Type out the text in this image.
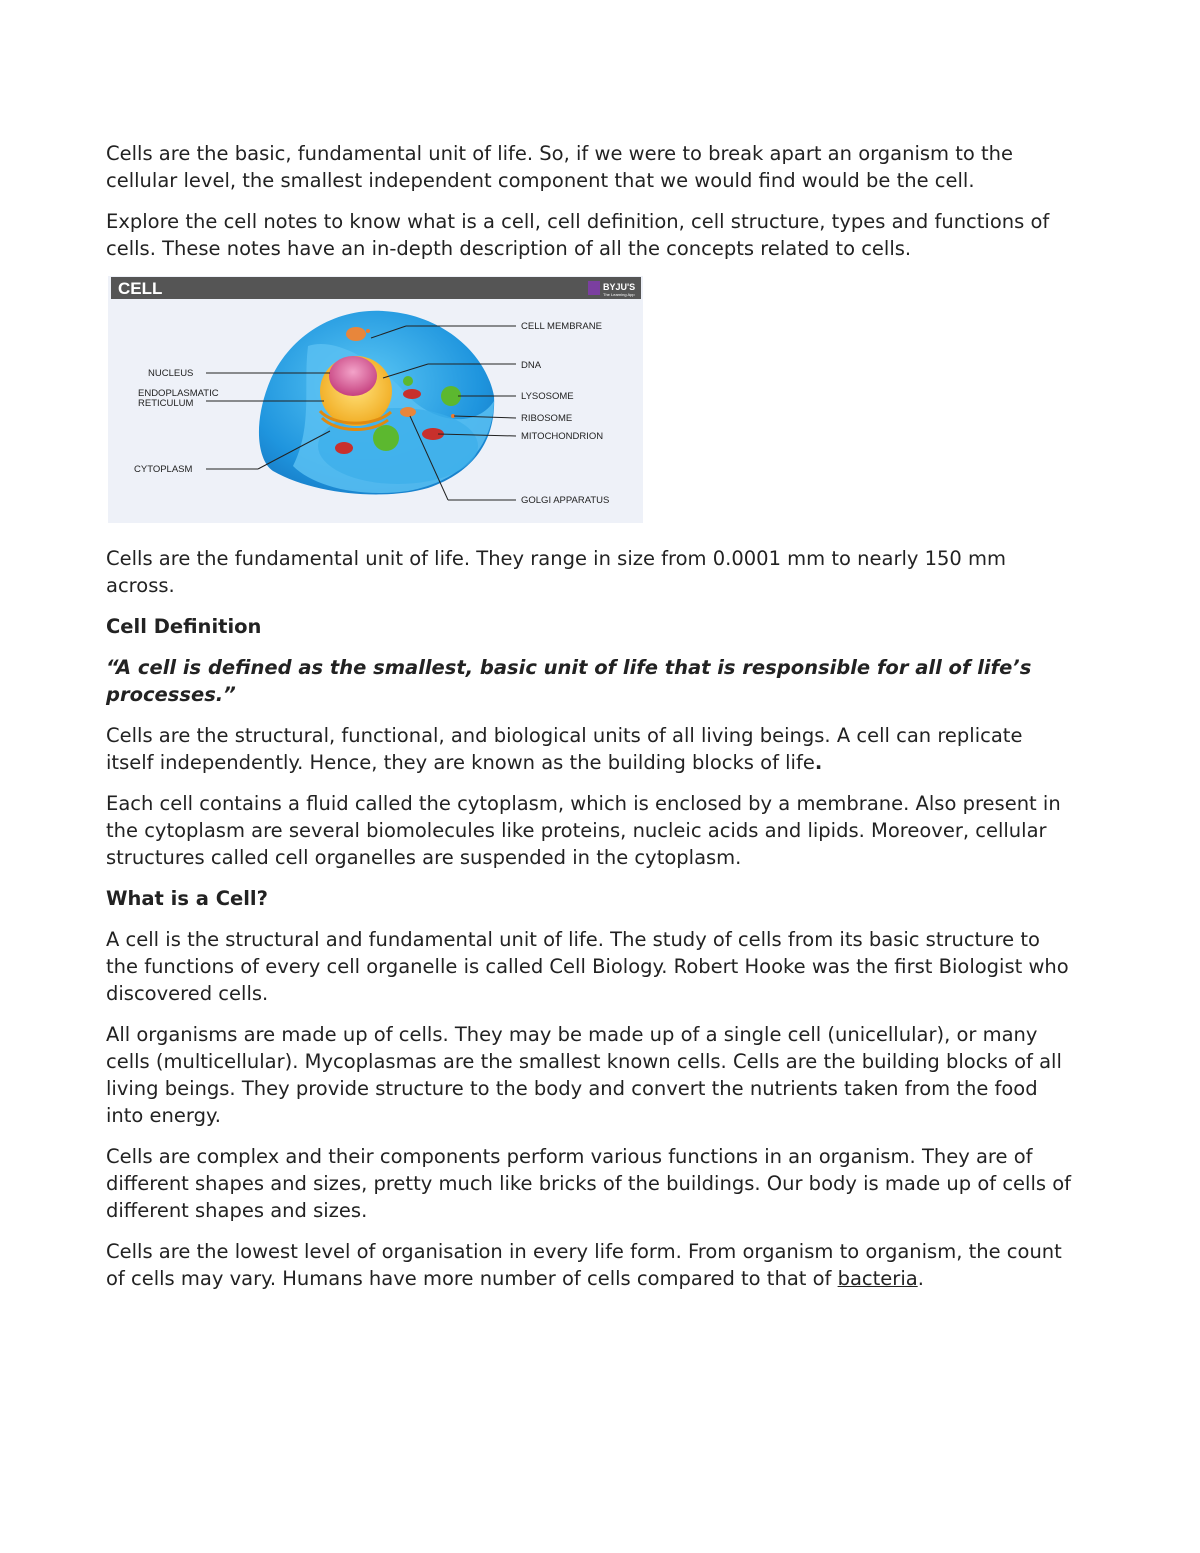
Cells are the basic, fundamental unit of life. So, if we were to break apart an organism to the cellular level, the smallest independent component that we would find would be the cell.

Explore the cell notes to know what is a cell, cell definition, cell structure, types and functions of cells. These notes have an in-depth description of all the concepts related to cells.

CELL	BYJU'S
The Learning App
CELL MEMBRANE
DNA
LYSOSOME
RIBOSOME
MITOCHONDRION
GOLGI APPARATUS
NUCLEUS
ENDOPLASMATIC
RETICULUM
CYTOPLASM

Cells are the fundamental unit of life. They range in size from 0.0001 mm to nearly 150 mm across.

Cell Definition

“A cell is defined as the smallest, basic unit of life that is responsible for all of life’s processes.”

Cells are the structural, functional, and biological units of all living beings. A cell can replicate itself independently. Hence, they are known as the building blocks of life.

Each cell contains a fluid called the cytoplasm, which is enclosed by a membrane. Also present in the cytoplasm are several biomolecules like proteins, nucleic acids and lipids. Moreover, cellular structures called cell organelles are suspended in the cytoplasm.

What is a Cell?

A cell is the structural and fundamental unit of life. The study of cells from its basic structure to the functions of every cell organelle is called Cell Biology. Robert Hooke was the first Biologist who discovered cells.

All organisms are made up of cells. They may be made up of a single cell (unicellular), or many cells (multicellular). Mycoplasmas are the smallest known cells. Cells are the building blocks of all living beings. They provide structure to the body and convert the nutrients taken from the food into energy.

Cells are complex and their components perform various functions in an organism. They are of different shapes and sizes, pretty much like bricks of the buildings. Our body is made up of cells of different shapes and sizes.

Cells are the lowest level of organisation in every life form. From organism to organism, the count of cells may vary. Humans have more number of cells compared to that of bacteria.
